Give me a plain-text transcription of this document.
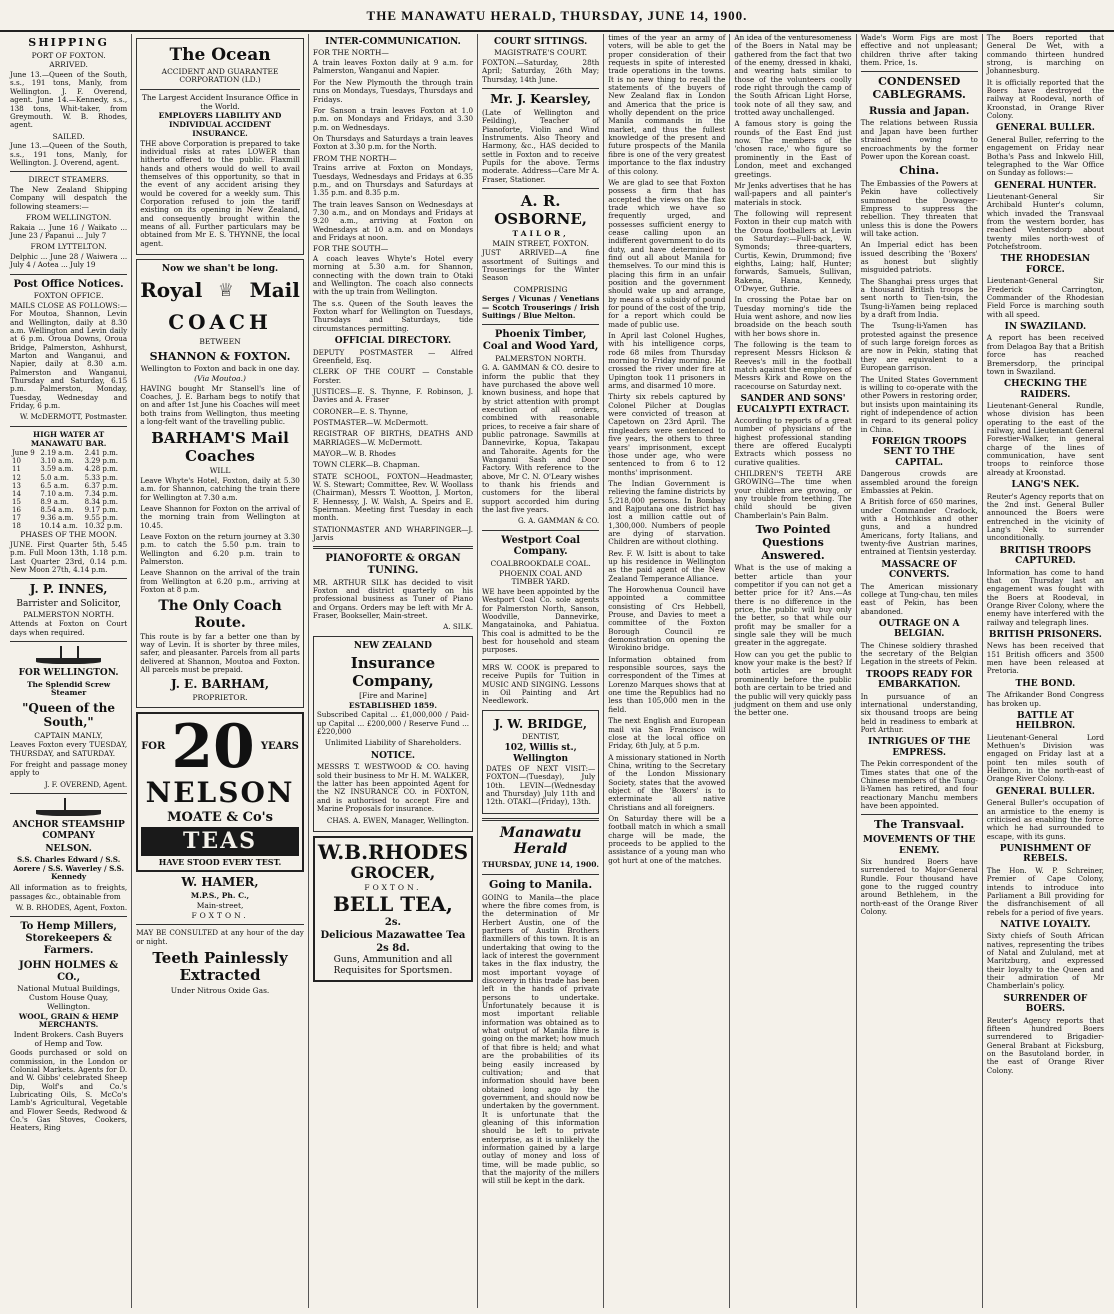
THE MANAWATU HERALD, THURSDAY, JUNE 14, 1900.
SHIPPING
PORT OF FOXTON.
ARRIVED.

June 13.—Queen of the South, s.s., 191 tons, Manly, from Wellington. J. F. Overend, agent. June 14.—Kennedy, s.s., 138 tons, Whit-taker, from Greymouth. W. B. Rhodes, agent.

SAILED.

June 13.—Queen of the South, s.s., 191 tons, Manly, for Wellington. J. Overend, agent.

DIRECT STEAMERS.

The New Zealand Shipping Company will despatch the following steamers:—

FROM WELLINGTON.

Rakaia ... June 16 / Waikato ... June 23 / Papanui ... July 7

FROM LYTTELTON.

Delphic ... June 28 / Waiwera ... July 4 / Aotea ... July 19

Post Office Notices.
FOXTON OFFICE.

MAILS CLOSE AS FOLLOWS:— For Moutoa, Shannon, Levin and Wellington, daily at 8.30 a.m. Wellington and Levin daily at 6 p.m. Oroua Downs, Oroua Bridge, Palmerston, Ashhurst, Marton and Wanganui, and Napier, daily at 8.30 a.m. Palmerston and Wanganui, Thursday and Saturday, 6.15 p.m. Palmerston, Monday, Tuesday, Wednesday and Friday, 6 p.m.

W. McDERMOTT, Postmaster.

HIGH WATER AT MANAWATU BAR.
June 9	2.19 a.m.	2.41 p.m.
10	3.10 a.m.	3.29 p.m.
11	3.59 a.m.	4.28 p.m.
12	5.0 a.m.	5.33 p.m.
13	6.5 a.m.	6.37 p.m.
14	7.10 a.m.	7.34 p.m.
15	8.9 a.m.	8.34 p.m.
16	8.54 a.m.	9.17 p.m.
17	9.36 a.m.	9.55 p.m.
18	10.14 a.m.	10.32 p.m.
PHASES OF THE MOON.

JUNE. First Quarter 5th, 5.45 p.m. Full Moon 13th, 1.18 p.m. Last Quarter 23rd, 0.14 p.m. New Moon 27th, 4.14 p.m.

J. P. INNES,
Barrister and Solicitor,
PALMERSTON NORTH.

Attends at Foxton on Court days when required.

FOR WELLINGTON.
The Splendid Screw Steamer
"Queen of the South,"
CAPTAIN MANLY,

Leaves Foxton every TUESDAY, THURSDAY, and SATURDAY.

For freight and passage money apply to

J. F. OVEREND, Agent.

ANCHOR STEAMSHIP COMPANY
NELSON.

S.S. Charles Edward / S.S. Aorere / S.S. Waverley / S.S. Kennedy

All information as to freights, passages &c., obtainable from

W. B. RHODES, Agent, Foxton.

To Hemp Millers, Storekeepers & Farmers.
JOHN HOLMES & CO.,
National Mutual Buildings, Custom House Quay, Wellington.
WOOL, GRAIN & HEMP MERCHANTS.
Indent Brokers. Cash Buyers of Hemp and Tow.

Goods purchased or sold on commission, in the London or Colonial Markets. Agents for D. and W. Gibbs' celebrated Sheep Dip, Wolf's and Co.'s Lubricating Oils, S. McCo's Lamb's Agricultural, Vegetable and Flower Seeds, Redwood & Co.'s Gas Stoves, Cookers, Heaters, Ring

The Ocean
ACCIDENT AND GUARANTEE CORPORATION (LD.)
The Largest Accident Insurance Office in the World.
EMPLOYERS LIABILITY AND INDIVIDUAL ACCIDENT INSURANCE.

THE above Corporation is prepared to take individual risks at rates LOWER than hitherto offered to the public. Flaxmill hands and others would do well to avail themselves of this opportunity, so that in the event of any accident arising they would be covered for a weekly sum. This Corporation refused to join the tariff existing on its opening in New Zealand, and consequently brought within the means of all. Further particulars may be obtained from Mr E. S. THYNNE, the local agent.

Now we shan't be long.
Royal ♕ Mail
COACH
BETWEEN
SHANNON & FOXTON.
Wellington to Foxton and back in one day.
(Via Moutoa.)

HAVING bought Mr Stansell's line of Coaches, J. E. Barham begs to notify that on and after 1st June his Coaches will meet both trains from Wellington, thus meeting a long-felt want of the travelling public.

BARHAM'S Mail Coaches
WILL

Leave Whyte's Hotel, Foxton, daily at 5.30 a.m. for Shannon, catching the train there for Wellington at 7.30 a.m.

Leave Shannon for Foxton on the arrival of the morning train from Wellington at 10.45.

Leave Foxton on the return journey at 3.30 p.m. to catch the 5.50 p.m. train to Wellington and 6.20 p.m. train to Palmerston.

Leave Shannon on the arrival of the train from Wellington at 6.20 p.m., arriving at Foxton at 8 p.m.

The Only Coach Route.

This route is by far a better one than by way of Levin. It is shorter by three miles, safer, and pleasanter. Parcels from all parts delivered at Shannon, Moutoa and Foxton. All parcels must be prepaid.

J. E. BARHAM,
PROPRIETOR.
FOR 20 YEARS
NELSON
MOATE & Co's
TEAS
HAVE STOOD EVERY TEST.
W. HAMER,
M.P.S., Ph. C.,
Main-street,
FOXTON.

MAY BE CONSULTED at any hour of the day or night.

Teeth Painlessly Extracted
Under Nitrous Oxide Gas.
INTER-COMMUNICATION.
FOR THE NORTH—

A train leaves Foxton daily at 9 a.m. for Palmerston, Wanganui and Napier.

For the New Plymouth the through train runs on Mondays, Tuesdays, Thursdays and Fridays.

For Sanson a train leaves Foxton at 1.0 p.m. on Mondays and Fridays, and 3.30 p.m. on Wednesdays.

On Thursdays and Saturdays a train leaves Foxton at 3.30 p.m. for the North.

FROM THE NORTH—

Trains arrive at Foxton on Mondays, Tuesdays, Wednesdays and Fridays at 6.35 p.m., and on Thursdays and Saturdays at 1.35 p.m. and 8.35 p.m.

The train leaves Sanson on Wednesdays at 7.30 a.m., and on Mondays and Fridays at 9.20 a.m., arriving at Foxton on Wednesdays at 10 a.m. and on Mondays and Fridays at noon.

FOR THE SOUTH—

A coach leaves Whyte's Hotel every morning at 5.30 a.m. for Shannon, connecting with the down train to Otaki and Wellington. The coach also connects with the up train from Wellington.

The s.s. Queen of the South leaves the Foxton wharf for Wellington on Tuesdays, Thursdays and Saturdays, tide circumstances permitting.

OFFICIAL DIRECTORY.

DEPUTY POSTMASTER — Alfred Greenfield, Esq.

CLERK OF THE COURT — Constable Forster.

JUSTICES—E. S. Thynne, F. Robinson, J. Davies and A. Fraser

CORONER—E. S. Thynne,

POSTMASTER—W. McDermott.

REGISTRAR OF BIRTHS, DEATHS AND MARRIAGES—W. McDermott.

MAYOR—W. B. Rhodes

TOWN CLERK—B. Chapman.

STATE SCHOOL, FOXTON—Headmaster, W. S. Stewart; Committee, Rev. W. Woollass (Chairman), Messrs T. Wootton, J. Morton, F. Hennessy, J. W. Walsh, A. Speirs and E. Speirman. Meeting first Tuesday in each month.

STATIONMASTER AND WHARFINGER—J. Jarvis

PIANOFORTE & ORGAN TUNING.

MR. ARTHUR SILK has decided to visit Foxton and district quarterly on his professional business as Tuner of Piano and Organs. Orders may be left with Mr A. Fraser, Bookseller, Main-street.

A. SILK.

NEW ZEALAND
Insurance Company,
[Fire and Marine]
ESTABLISHED 1859.

Subscribed Capital ... £1,000,000 / Paid-up Capital ... £200,000 / Reserve Fund ... £220,000

Unlimited Liability of Shareholders.
NOTICE.

MESSRS T. WESTWOOD & CO. having sold their business to Mr H. M. WALKER, the latter has been appointed Agent for the NZ INSURANCE CO. in FOXTON, and is authorised to accept Fire and Marine Proposals for insurance.

CHAS. A. EWEN, Manager, Wellington.

W.B.RHODES
GROCER,
FOXTON.
BELL TEA,
2s.
Delicious Mazawattee Tea
2s 8d.
Guns, Ammunition and all Requisites for Sportsmen.
COURT SITTINGS.
MAGISTRATE'S COURT.

FOXTON.—Saturday, 28th April; Saturday, 26th May; Thursday, 14th June.

Mr. J. Kearsley,

(Late of Wellington and Feilding), Teacher of Pianoforte, Violin and Wind Instruments. Also Theory and Harmony, &c., HAS decided to settle in Foxton and to receive Pupils for the above. Terms moderate. Address—Care Mr A. Fraser, Stationer.

A. R. OSBORNE,
TAILOR,
MAIN STREET, FOXTON.

JUST ARRIVED—A fine assortment of Suitings and Trouserings for the Winter Season

COMPRISING

Serges / Vicunas / Venetians — Scotch Trouserings / Irish Suitings / Blue Melton.

Phoenix Timber, Coal and Wood Yard,
PALMERSTON NORTH.

G. A. GAMMAN & CO. desire to inform the public that they have purchased the above well known business, and hope that by strict attention with prompt execution of all orders, combined with reasonable prices, to receive a fair share of public patronage. Sawmills at Dannevirke, Kopua, Takapau and Tahoraite. Agents for the Wanganui Sash and Door Factory. With reference to the above, Mr C. N. O'Leary wishes to thank his friends and customers for the liberal support accorded him during the last five years.

G. A. GAMMAN & CO.

Westport Coal Company.
COALBROOKDALE COAL.
PHOENIX COAL AND TIMBER YARD.

WE have been appointed by the Westport Coal Co. sole agents for Palmerston North, Sanson, Woodville, Dannevirke, Mangatainoka, and Pahiatua. This coal is admitted to be the best for household and steam purposes.

MRS W. COOK is prepared to receive Pupils for Tuition in MUSIC AND SINGING. Lessons in Oil Painting and Art Needlework.

J. W. BRIDGE,
DENTIST,
102, Willis st., Wellington

DATES OF NEXT VISIT:— FOXTON—(Tuesday), July 10th. LEVIN—(Wednesday and Thursday) July 11th and 12th. OTAKI—(Friday), 13th.

Manawatu Herald
THURSDAY, JUNE 14, 1900.
Going to Manila.

GOING to Manila—the place where the fibre comes from, is the determination of Mr Herbert Austin, one of the partners of Austin Brothers flaxmillers of this town. It is an undertaking that owing to the lack of interest the government takes in the flax industry, the most important voyage of discovery in this trade has been left in the hands of private persons to undertake. Unfortunately because it is most important reliable information was obtained as to what output of Manila fibre is going on the market; how much of that fibre is held; and what are the probabilities of its being easily increased by cultivation; and that information should have been obtained long ago by the government, and should now be undertaken by the government. It is unfortunate that the gleaning of this information should be left to private enterprise, as it is unlikely the information gained by a large outlay of money and loss of time, will be made public, so that the majority of the millers will still be kept in the dark.

times of the year an army of voters, will be able to get the proper consideration of their requests in spite of interested trade operations in the towns. It is no new thing to recall the statements of the buyers of New Zealand flax in London and America that the price is wholly dependent on the price Manila commands in the market, and thus the fullest knowledge of the present and future prospects of the Manila fibre is one of the very greatest importance to the flax industry of this colony.

We are glad to see that Foxton possess a firm that has accepted the views on the flax trade which we have so frequently urged, and possesses sufficient energy to cease calling upon an indifferent government to do its duty, and have determined to find out all about Manila for themselves. To our mind this is placing this firm in an unfair position and the government should wake up and arrange, by means of a subsidy of pound for pound of the cost of the trip, for a report which could be made of public use.

In April last Colonel Hughes, with his intelligence corps, rode 68 miles from Thursday morning to Friday morning. He crossed the river under fire at Upington took 11 prisoners in arms, and disarmed 10 more.

Thirty six rebels captured by Colonel Pilcher at Douglas were convicted of treason at Capetown on 23rd April. The ringleaders were sentenced to five years, the others to three years' imprisonment, except those under age, who were sentenced to from 6 to 12 months' imprisonment.

The Indian Government is relieving the famine districts by 5,218,000 persons. In Bombay and Rajputana one district has lost a million cattle out of 1,300,000. Numbers of people are dying of starvation. Children are without clothing.

Rev. F. W. Isitt is about to take up his residence in Wellington as the paid agent of the New Zealand Temperance Alliance.

The Horowhenua Council have appointed a committee consisting of Crs Hebbell, Prouse, and Davies to meet a committee of the Foxton Borough Council re demonstration on opening the Wirokino bridge.

Information obtained from responsible sources, says the correspondent of the Times at Lorenzo Marques shows that at one time the Republics had no less than 105,000 men in the field.

The next English and European mail via San Francisco will close at the local office on Friday, 6th July, at 5 p.m.

A missionary stationed in North China, writing to the Secretary of the London Missionary Society, states that the avowed object of the 'Boxers' is to exterminate all native Christians and all foreigners.

On Saturday there will be a football match in which a small charge will be made, the proceeds to be applied to the assistance of a young man who got hurt at one of the matches.

An idea of the venturesomeness of the Boers in Natal may be gathered from the fact that two of the enemy, dressed in khaki, and wearing hats similar to those of the volunteers coolly rode right through the camp of the South African Light Horse, took note of all they saw, and trotted away unchallenged.

A famous story is going the rounds of the East End just now. The members of the 'chosen race,' who figure so prominently in the East of London, meet and exchanged greetings.

Mr Jenks advertises that he has wall-papers and all painter's materials in stock.

The following will represent Foxton in their cup match with the Oroua footballers at Levin on Saturday:—Full-back, W. Symonds; three-quarters, Curtis, Kewin, Drummond; five eighths, Laing; half, Hunter; forwards, Samuels, Sullivan, Rakena, Hana, Kennedy, O'Dwyer, Guthrie.

In crossing the Potae bar on Tuesday morning's tide the Huia went ashore, and now lies broadside on the beach south with her bows shore in.

The following is the team to represent Messrs Hickson & Reeves's mill in the football match against the employees of Messrs Kirk and Rowe on the racecourse on Saturday next.

SANDER AND SONS' EUCALYPTI EXTRACT.

According to reports of a great number of physicians of the highest professional standing there are offered Eucalypti Extracts which possess no curative qualities.

CHILDREN'S TEETH ARE GROWING—The time when your children are growing, or any trouble from teething. The child should be given Chamberlain's Pain Balm.

Two Pointed Questions Answered.

What is the use of making a better article than your competitor if you can not get a better price for it? Ans.—As there is no difference in the price, the public will buy only the better, so that while our profit may be smaller for a single sale they will be much greater in the aggregate.

How can you get the public to know your make is the best? If both articles are brought prominently before the public both are certain to be tried and the public will very quickly pass judgment on them and use only the better one.

Wade's Worm Figs are most effective and not unpleasant; children thrive after taking them. Price, 1s.

CONDENSED CABLEGRAMS.
Russia and Japan.

The relations between Russia and Japan have been further strained owing to encroachments by the former Power upon the Korean coast.

China.

The Embassies of the Powers at Pekin have collectively summoned the Dowager-Empress to suppress the rebellion. They threaten that unless this is done the Powers will take action.

An Imperial edict has been issued describing the 'Boxers' as honest but slightly misguided patriots.

The Shanghai press urges that a thousand British troops be sent north to Tien-tsin, the Tsung-li-Yamen being replaced by a draft from India.

The Tsung-li-Yamen has protested against the presence of such large foreign forces as are now in Pekin, stating that they are equivalent to a European garrison.

The United States Government is willing to co-operate with the other Powers in restoring order, but insists upon maintaining its right of independence of action in regard to its general policy in China.

FOREIGN TROOPS SENT TO THE CAPITAL.

Dangerous crowds are assembled around the foreign Embassies at Pekin.

A British force of 650 marines, under Commander Cradock, with a Hotchkiss and other guns, and a hundred Americans, forty Italians, and twenty-five Austrian marines, entrained at Tientsin yesterday.

MASSACRE OF CONVERTS.

The American missionary college at Tung-chau, ten miles east of Pekin, has been abandoned.

OUTRAGE ON A BELGIAN.

The Chinese soldiery thrashed the secretary of the Belgian Legation in the streets of Pekin.

TROOPS READY FOR EMBARKATION.

In pursuance of an international understanding, six thousand troops are being held in readiness to embark at Port Arthur.

INTRIGUES OF THE EMPRESS.

The Pekin correspondent of the Times states that one of the Chinese members of the Tsung-li-Yamen has retired, and four reactionary Manchu members have been appointed.

The Transvaal.
MOVEMENTS OF THE ENEMY.

Six hundred Boers have surrendered to Major-General Rundle. Four thousand have gone to the rugged country around Bethlehem, in the north-east of the Orange River Colony.

The Boers reported that General De Wet, with a commando thirteen hundred strong, is marching on Johannesburg.

It is officially reported that the Boers have destroyed the railway at Roodeval, north of Kroonstad, in Orange River Colony.

GENERAL BULLER.

General Buller, referring to the engagement on Friday near Botha's Pass and Inkwelo Hill, telegraphed to the War Office on Sunday as follows:—

GENERAL HUNTER.

Lieutenant-General Sir Archibald Hunter's column, which invaded the Transvaal from the western border, has reached Ventersdorp about twenty miles north-west of Potchefstroom.

THE RHODESIAN FORCE.

Lieutenant-General Sir Frederick Carrington, Commander of the Rhodesian Field Force is marching south with all speed.

IN SWAZILAND.

A report has been received from Delagoa Bay that a British force has reached Bremersdorp, the principal town in Swaziland.

CHECKING THE RAIDERS.

Lieutenant-General Rundle, whose division has been operating to the east of the railway, and Lieutenant General Forestier-Walker, in general charge of the lines of communication, have sent troops to reinforce those already at Kroonstad.

LANG'S NEK.

Reuter's Agency reports that on the 2nd inst. General Buller announced the Boers were entrenched in the vicinity of Lang's Nek to surrender unconditionally.

BRITISH TROOPS CAPTURED.

Information has come to hand that on Thursday last an engagement was fought with the Boers at Roodeval, in Orange River Colony, where the enemy have interfered with the railway and telegraph lines.

BRITISH PRISONERS.

News has been received that 151 British officers and 3500 men have been released at Pretoria.

THE BOND.

The Afrikander Bond Congress has broken up.

BATTLE AT HEILBRON.

Lieutenant-General Lord Methuen's Division was engaged on Friday last at a point ten miles south of Heilbron, in the north-east of Orange River Colony.

GENERAL BULLER.

General Buller's occupation of an armistice to the enemy is criticised as enabling the force which he had surrounded to escape, with its guns.

PUNISHMENT OF REBELS.

The Hon. W. P. Schreiner, Premier of Cape Colony, intends to introduce into Parliament a Bill providing for the disfranchisement of all rebels for a period of five years.

NATIVE LOYALTY.

Sixty chiefs of South African natives, representing the tribes of Natal and Zululand, met at Maritzburg, and expressed their loyalty to the Queen and their admiration of Mr Chamberlain's policy.

SURRENDER OF BOERS.

Reuter's Agency reports that fifteen hundred Boers surrendered to Brigadier-General Brabant at Ficksburg, on the Basutoland border, in the east of Orange River Colony.
